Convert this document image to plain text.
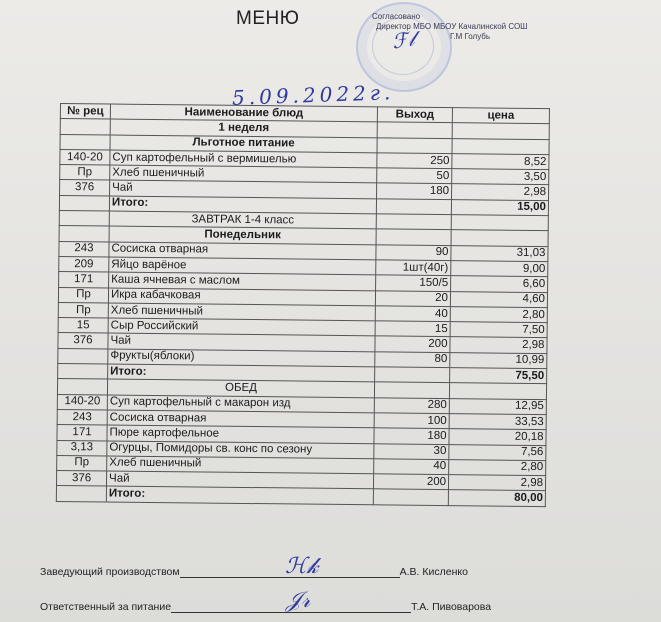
МЕНЮ	Согласовано
Директор МБО МБОУ Качалинской СОШ
Г.М Голубь
ℱ𝓁
5.09.2022г.
№ рец	Наименование блюд	Выход	цена
	1 неделя		
	Льготное питание		
140-20	Суп картофельный с вермишелью	250	8,52
Пр	Хлеб пшеничный	50	3,50
376	Чай	180	2,98
	Итого:		15,00
	ЗАВТРАК 1-4 класс		
	Понедельник		
243	Сосиска отварная	90	31,03
209	Яйцо варёное	1шт(40г)	9,00
171	Каша ячневая с маслом	150/5	6,60
Пр	Икра кабачковая	20	4,60
Пр	Хлеб пшеничный	40	2,80
15	Сыр Российский	15	7,50
376	Чай	200	2,98
	Фрукты(яблоки)	80	10,99
	Итого:		75,50
	ОБЕД		
140-20	Суп картофельный с макарон изд	280	12,95
243	Сосиска отварная	100	33,53
171	Пюре картофельное	180	20,18
3,13	Огурцы, Помидоры св. конс по сезону	30	7,56
Пр	Хлеб пшеничный	40	2,80
376	Чай	200	2,98
	Итого:		80,00
Заведующий производством	А.В. Кисленко
ℋ𝓀
Ответственный за питание	Т.А. Пивоварова
𝒥𝓇
